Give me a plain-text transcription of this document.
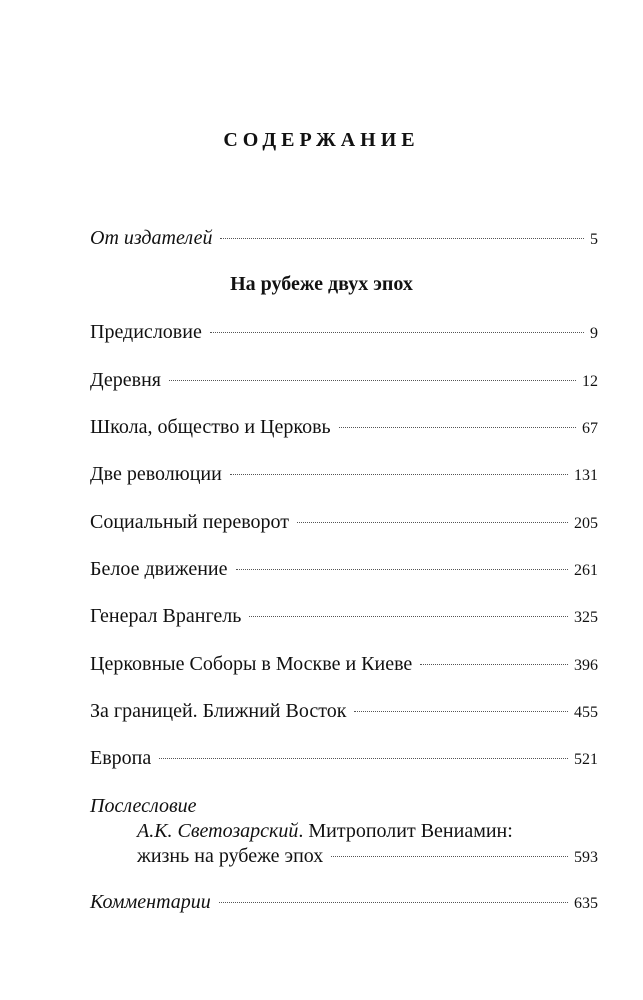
СОДЕРЖАНИЕ
От издателей	5
На рубеже двух эпох
Предисловие	9
Деревня	12
Школа, общество и Церковь	67
Две революции	131
Социальный переворот	205
Белое движение	261
Генерал Врангель	325
Церковные Соборы в Москве и Киеве	396
За границей. Ближний Восток	455
Европа	521
Послесловие
А.К. Светозарский. Митрополит Вениамин:
жизнь на рубеже эпох	593
Комментарии	635
